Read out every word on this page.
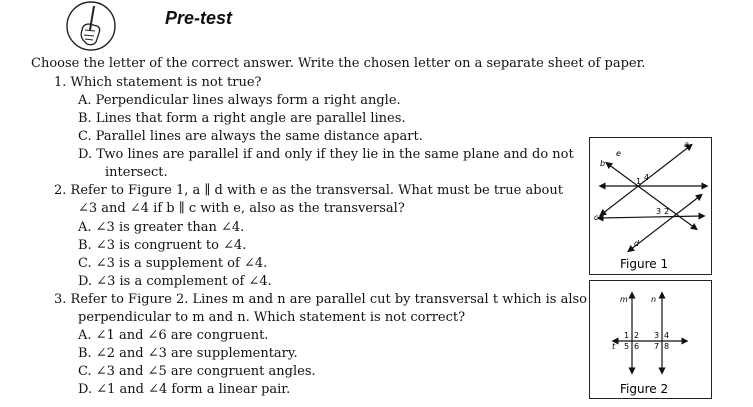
Pre-test
Choose the letter of the correct answer. Write the chosen letter on a separate sheet of paper.
1. Which statement is not true?
A. Perpendicular lines always form a right angle.
B. Lines that form a right angle are parallel lines.
C. Parallel lines are always the same distance apart.
D. Two lines are parallel if and only if they lie in the same plane and do not
intersect.
2. Refer to Figure 1, a ∥ d with e as the transversal. What must be true about
∠3 and ∠4 if b ∥ c with e, also as the transversal?
A. ∠3 is greater than ∠4.
B. ∠3 is congruent to ∠4.
C. ∠3 is a supplement of ∠4.
D. ∠3 is a complement of ∠4.
3. Refer to Figure 2. Lines m and n are parallel cut by transversal t which is also
perpendicular to m and n. Which statement is not correct?
A. ∠1 and ∠6 are congruent.
B. ∠2 and ∠3 are supplementary.
C. ∠3 and ∠5 are congruent angles.
D. ∠1 and ∠4 form a linear pair.
a
e
b
c
d
1 4
3 2
Figure 1
m	n
t
1 2 3 4
5 6 7 8
Figure 2
